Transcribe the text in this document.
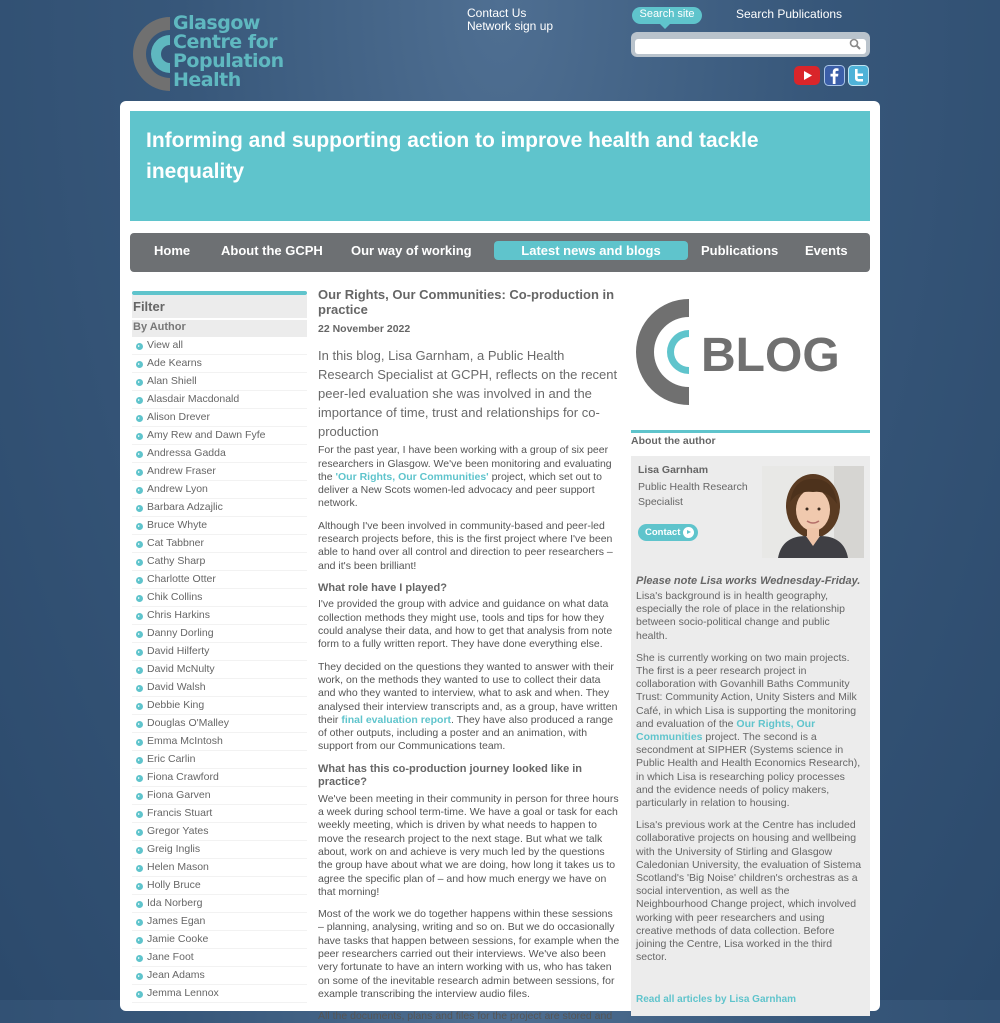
Glasgow
Centre for
Population
Health
Contact Us
Network sign up
Search site	Search Publications
Informing and supporting action to improve health and tackle inequality
Home About the GCPH Our way of working	Latest news and blogs	Publications Events
Filter
By Author
View all
Ade Kearns
Alan Shiell
Alasdair Macdonald
Alison Drever
Amy Rew and Dawn Fyfe
Andressa Gadda
Andrew Fraser
Andrew Lyon
Barbara Adzajlic
Bruce Whyte
Cat Tabbner
Cathy Sharp
Charlotte Otter
Chik Collins
Chris Harkins
Danny Dorling
David Hilferty
David McNulty
David Walsh
Debbie King
Douglas O'Malley
Emma McIntosh
Eric Carlin
Fiona Crawford
Fiona Garven
Francis Stuart
Gregor Yates
Greig Inglis
Helen Mason
Holly Bruce
Ida Norberg
James Egan
Jamie Cooke
Jane Foot
Jean Adams
Jemma Lennox
Our Rights, Our Communities: Co-production in practice
22 November 2022
In this blog, Lisa Garnham, a Public Health Research Specialist at GCPH, reflects on the recent peer-led evaluation she was involved in and the importance of time, trust and relationships for co-production

For the past year, I have been working with a group of six peer researchers in Glasgow. We've been monitoring and evaluating the 'Our Rights, Our Communities' project, which set out to deliver a New Scots women-led advocacy and peer support network.

Although I've been involved in community-based and peer-led research projects before, this is the first project where I've been able to hand over all control and direction to peer researchers – and it's been brilliant!

What role have I played?

I've provided the group with advice and guidance on what data collection methods they might use, tools and tips for how they could analyse their data, and how to get that analysis from note form to a fully written report. They have done everything else.

They decided on the questions they wanted to answer with their work, on the methods they wanted to use to collect their data and who they wanted to interview, what to ask and when. They analysed their interview transcripts and, as a group, have written their final evaluation report. They have also produced a range of other outputs, including a poster and an animation, with support from our Communications team.

What has this co-production journey looked like in practice?

We've been meeting in their community in person for three hours a week during school term-time. We have a goal or task for each weekly meeting, which is driven by what needs to happen to move the research project to the next stage. But what we talk about, work on and achieve is very much led by the questions the group have about what we are doing, how long it takes us to agree the specific plan of – and how much energy we have on that morning!

Most of the work we do together happens within these sessions – planning, analysing, writing and so on. But we do occasionally have tasks that happen between sessions, for example when the peer researchers carried out their interviews. We've also been very fortunate to have an intern working with us, who has taken on some of the inevitable research admin between sessions, for example transcribing the interview audio files.

All the documents, plans and files for the project are stored and

BLOG
About the author
Lisa Garnham
Public Health Research Specialist
Contact
Please note Lisa works Wednesday-Friday.

Lisa's background is in health geography, especially the role of place in the relationship between socio-political change and public health.

She is currently working on two main projects. The first is a peer research project in collaboration with Govanhill Baths Community Trust: Community Action, Unity Sisters and Milk Café, in which Lisa is supporting the monitoring and evaluation of the Our Rights, Our Communities project. The second is a secondment at SIPHER (Systems science in Public Health and Health Economics Research), in which Lisa is researching policy processes and the evidence needs of policy makers, particularly in relation to housing.

Lisa's previous work at the Centre has included collaborative projects on housing and wellbeing with the University of Stirling and Glasgow Caledonian University, the evaluation of Sistema Scotland's 'Big Noise' children's orchestras as a social intervention, as well as the Neighbourhood Change project, which involved working with peer researchers and using creative methods of data collection. Before joining the Centre, Lisa worked in the third sector.

Read all articles by Lisa Garnham
